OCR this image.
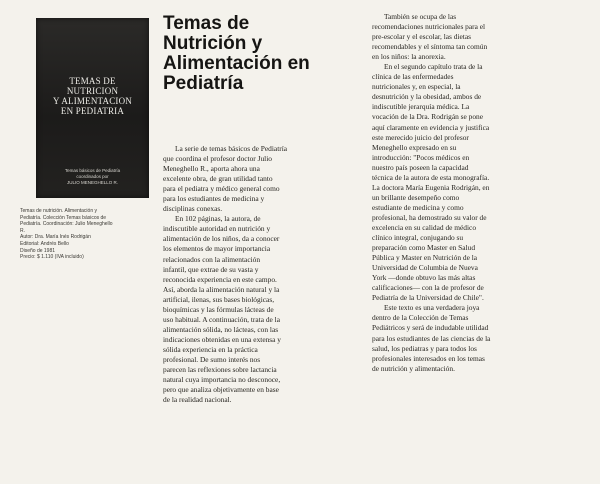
TEMAS DE
NUTRICION
Y ALIMENTACION
EN PEDIATRIA
Temas básicos de Pediatría
coordinados por
JULIO MENEGHELLO R.
Temas de nutrición. Alimentación y
Pediatría. Colección Temas básicos de
Pediatría. Coordinación: Julio Meneghello
R.
Autor: Dra. María Inés Rodrigán
Editorial: Andrés Bello
Diseño de 1981
Precio: $ 1.110 (IVA incluido)
Temas de
Nutrición y
Alimentación en
Pediatría
La serie de temas básicos de Pediatría
que coordina el profesor doctor Julio
Meneghello R., aporta ahora una
excelente obra, de gran utilidad tanto
para el pediatra y médico general como
para los estudiantes de medicina y
disciplinas conexas.
En 102 páginas, la autora, de
indiscutible autoridad en nutrición y
alimentación de los niños, da a conocer
los elementos de mayor importancia
relacionados con la alimentación
infantil, que extrae de su vasta y
reconocida experiencia en este campo.
Así, aborda la alimentación natural y la
artificial, ilenas, sus bases biológicas,
bioquímicas y las fórmulas lácteas de
uso habitual. A continuación, trata de la
alimentación sólida, no lácteas, con las
indicaciones obtenidas en una extensa y
sólida experiencia en la práctica
profesional. De sumo interés nos
parecen las reflexiones sobre lactancia
natural cuya importancia no desconoce,
pero que analiza objetivamente en base
de la realidad nacional.
También se ocupa de las
recomendaciones nutricionales para el
pre-escolar y el escolar, las dietas
recomendables y el síntoma tan común
en los niños: la anorexia.
En el segundo capítulo trata de la
clínica de las enfermedades
nutricionales y, en especial, la
desnutrición y la obesidad, ambos de
indiscutible jerarquía médica. La
vocación de la Dra. Rodrigán se pone
aquí claramente en evidencia y justifica
este merecido juicio del profesor
Meneghello expresado en su
introducción: "Pocos médicos en
nuestro país poseen la capacidad
técnica de la autora de esta monografía.
La doctora María Eugenia Rodrigán, en
un brillante desempeño como
estudiante de medicina y como
profesional, ha demostrado su valor de
excelencia en su calidad de médico
clínico integral, conjugando su
preparación como Master en Salud
Pública y Master en Nutrición de la
Universidad de Columbia de Nueva
York —donde obtuvo las más altas
calificaciones— con la de profesor de
Pediatría de la Universidad de Chile".
Este texto es una verdadera joya
dentro de la Colección de Temas
Pediátricos y será de indudable utilidad
para los estudiantes de las ciencias de la
salud, los pediatras y para todos los
profesionales interesados en los temas
de nutrición y alimentación.
